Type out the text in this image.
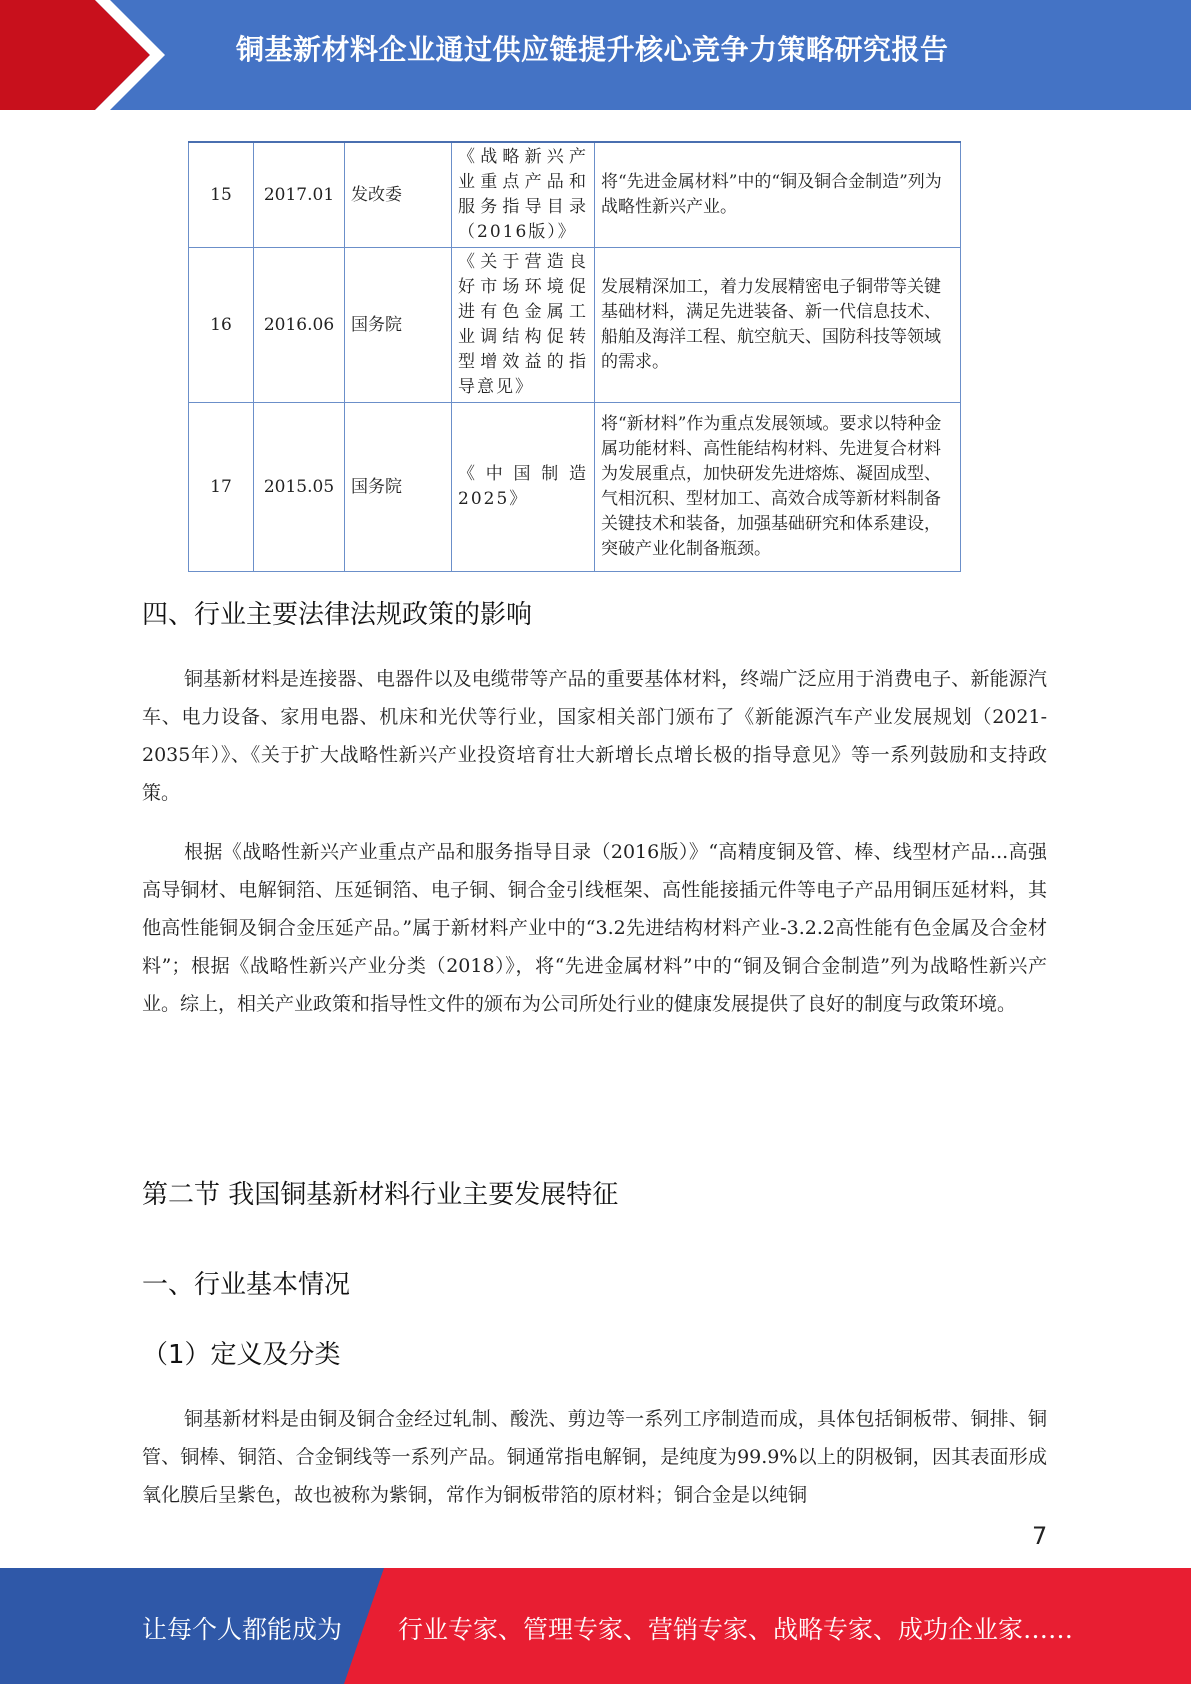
铜基新材料企业通过供应链提升核心竞争力策略研究报告
15	2017.01	发改委	《战略新兴产业重点产品和服务指导目录（2016版）》	将“先进金属材料”中的“铜及铜合金制造”列为战略性新兴产业。
16	2016.06	国务院	《关于营造良好市场环境促进有色金属工业调结构促转型增效益的指导意见》	发展精深加工，着力发展精密电子铜带等关键基础材料，满足先进装备、新一代信息技术、船舶及海洋工程、航空航天、国防科技等领域的需求。
17	2015.05	国务院	《中国制造2025》	将“新材料”作为重点发展领域。要求以特种金属功能材料、高性能结构材料、先进复合材料为发展重点，加快研发先进熔炼、凝固成型、气相沉积、型材加工、高效合成等新材料制备关键技术和装备，加强基础研究和体系建设，突破产业化制备瓶颈。
四、行业主要法律法规政策的影响
铜基新材料是连接器、电器件以及电缆带等产品的重要基体材料，终端广泛应用于消费电子、新能源汽车、电力设备、家用电器、机床和光伏等行业，国家相关部门颁布了《新能源汽车产业发展规划（2021-2035年）》、《关于扩大战略性新兴产业投资培育壮大新增长点增长极的指导意见》等一系列鼓励和支持政策。
根据《战略性新兴产业重点产品和服务指导目录（2016版）》“高精度铜及管、棒、线型材产品...高强高导铜材、电解铜箔、压延铜箔、电子铜、铜合金引线框架、高性能接插元件等电子产品用铜压延材料，其他高性能铜及铜合金压延产品。”属于新材料产业中的“3.2先进结构材料产业-3.2.2高性能有色金属及合金材料”；根据《战略性新兴产业分类（2018）》，将“先进金属材料”中的“铜及铜合金制造”列为战略性新兴产业。综上，相关产业政策和指导性文件的颁布为公司所处行业的健康发展提供了良好的制度与政策环境。
第二节 我国铜基新材料行业主要发展特征
一、行业基本情况
（1）定义及分类
铜基新材料是由铜及铜合金经过轧制、酸洗、剪边等一系列工序制造而成，具体包括铜板带、铜排、铜管、铜棒、铜箔、合金铜线等一系列产品。铜通常指电解铜，是纯度为99.9%以上的阴极铜，因其表面形成氧化膜后呈紫色，故也被称为紫铜，常作为铜板带箔的原材料；铜合金是以纯铜
7
让每个人都能成为 行业专家、管理专家、营销专家、战略专家、成功企业家……
